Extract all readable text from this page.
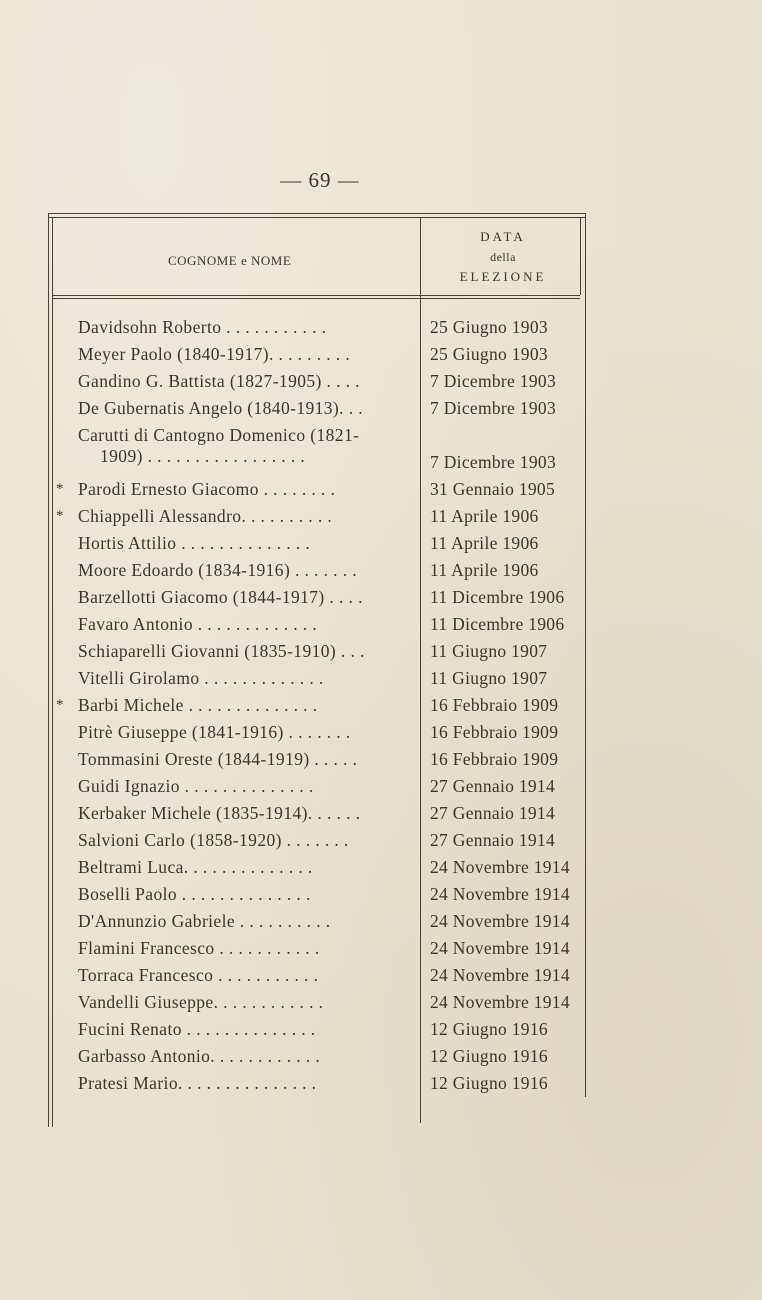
— 69 —
COGNOME e NOME
DATA
della
ELEZIONE
Davidsohn Roberto . . . . . . . . . . .	25 Giugno 1903
Meyer Paolo (1840-1917). . . . . . . . .	25 Giugno 1903
Gandino G. Battista (1827-1905) . . . .	7 Dicembre 1903
De Gubernatis Angelo (1840-1913). . .	7 Dicembre 1903
Carutti di Cantogno Domenico (1821-
1909) . . . . . . . . . . . . . . . . .	7 Dicembre 1903
* Parodi Ernesto Giacomo . . . . . . . .	31 Gennaio 1905
* Chiappelli Alessandro. . . . . . . . . .	11 Aprile 1906
Hortis Attilio . . . . . . . . . . . . . .	11 Aprile 1906
Moore Edoardo (1834-1916) . . . . . . .	11 Aprile 1906
Barzellotti Giacomo (1844-1917) . . . .	11 Dicembre 1906
Favaro Antonio . . . . . . . . . . . . .	11 Dicembre 1906
Schiaparelli Giovanni (1835-1910) . . .	11 Giugno 1907
Vitelli Girolamo . . . . . . . . . . . . .	11 Giugno 1907
* Barbi Michele . . . . . . . . . . . . . .	16 Febbraio 1909
Pitrè Giuseppe (1841-1916) . . . . . . .	16 Febbraio 1909
Tommasini Oreste (1844-1919) . . . . .	16 Febbraio 1909
Guidi Ignazio . . . . . . . . . . . . . .	27 Gennaio 1914
Kerbaker Michele (1835-1914). . . . . .	27 Gennaio 1914
Salvioni Carlo (1858-1920) . . . . . . .	27 Gennaio 1914
Beltrami Luca. . . . . . . . . . . . . .	24 Novembre 1914
Boselli Paolo . . . . . . . . . . . . . .	24 Novembre 1914
D'Annunzio Gabriele . . . . . . . . . .	24 Novembre 1914
Flamini Francesco . . . . . . . . . . .	24 Novembre 1914
Torraca Francesco . . . . . . . . . . .	24 Novembre 1914
Vandelli Giuseppe. . . . . . . . . . . .	24 Novembre 1914
Fucini Renato . . . . . . . . . . . . . .	12 Giugno 1916
Garbasso Antonio. . . . . . . . . . . .	12 Giugno 1916
Pratesi Mario. . . . . . . . . . . . . . .	12 Giugno 1916
